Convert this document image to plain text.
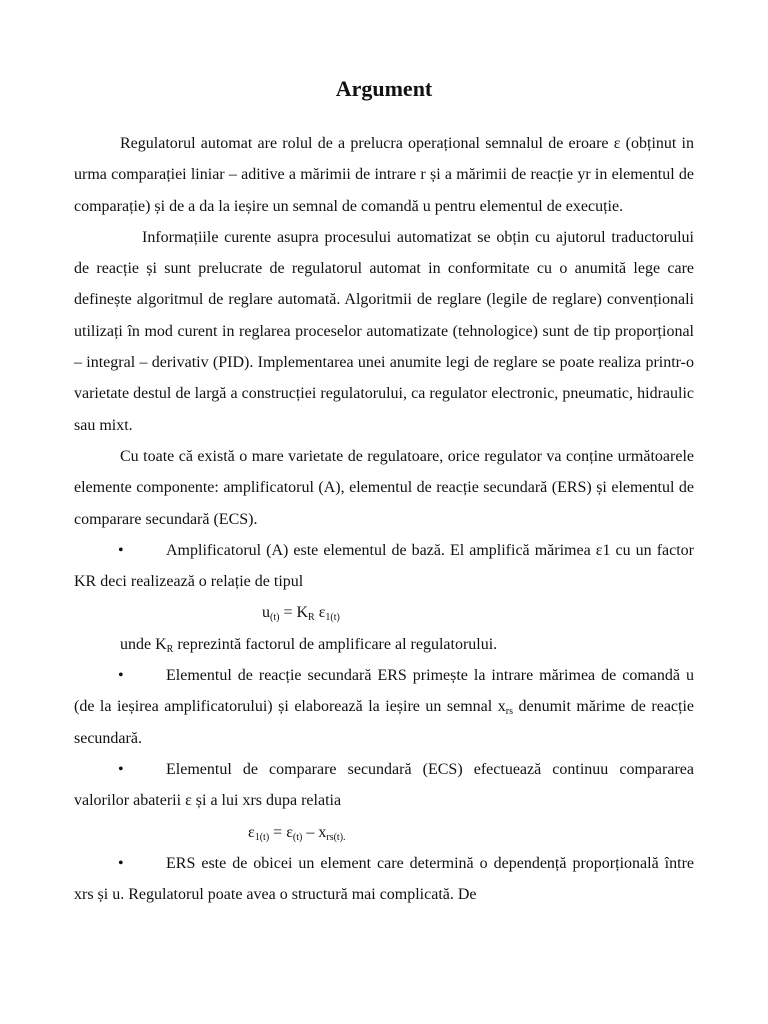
Argument

Regulatorul automat are rolul de a prelucra operațional semnalul de eroare ε (obținut in urma comparației liniar – aditive a mărimii de intrare r și a mărimii de reacție yr in elementul de comparație) și de a da la ieșire un semnal de comandă u pentru elementul de execuție.

Informațiile curente asupra procesului automatizat se obțin cu ajutorul traductorului de reacție și sunt prelucrate de regulatorul automat in conformitate cu o anumită lege care definește algoritmul de reglare automată. Algoritmii de reglare (legile de reglare) convenționali utilizați în mod curent in reglarea proceselor automatizate (tehnologice) sunt de tip proporțional – integral – derivativ (PID). Implementarea unei anumite legi de reglare se poate realiza printr-o varietate destul de largă a construcției regulatorului, ca regulator electronic, pneumatic, hidraulic sau mixt.

Cu toate că există o mare varietate de regulatoare, orice regulator va conține următoarele elemente componente: amplificatorul (A), elementul de reacție secundară (ERS) și elementul de comparare secundară (ECS).

•	Amplificatorul (A) este elementul de bază. El amplifică mărimea ε1 cu un factor KR deci realizează o relație de tipul

$u_{(t)} = K_R$ $\varepsilon_{1(t)}$

unde $K_R$ reprezintă factorul de amplificare al regulatorului.

•	Elementul de reacție secundară ERS primește la intrare mărimea de comandă u (de la ieșirea amplificatorului) și elaborează la ieșire un semnal $x_{rs}$ denumit mărime de reacție secundară.

•	Elementul de comparare secundară (ECS) efectuează continuu compararea valorilor abaterii ε și a lui xrs dupa relatia

$\varepsilon_{1(t)} = \varepsilon_{(t)} - x_{rs(t).}$

•	ERS este de obicei un element care determină o dependență proporțională între xrs și u. Regulatorul poate avea o structură mai complicată. De
